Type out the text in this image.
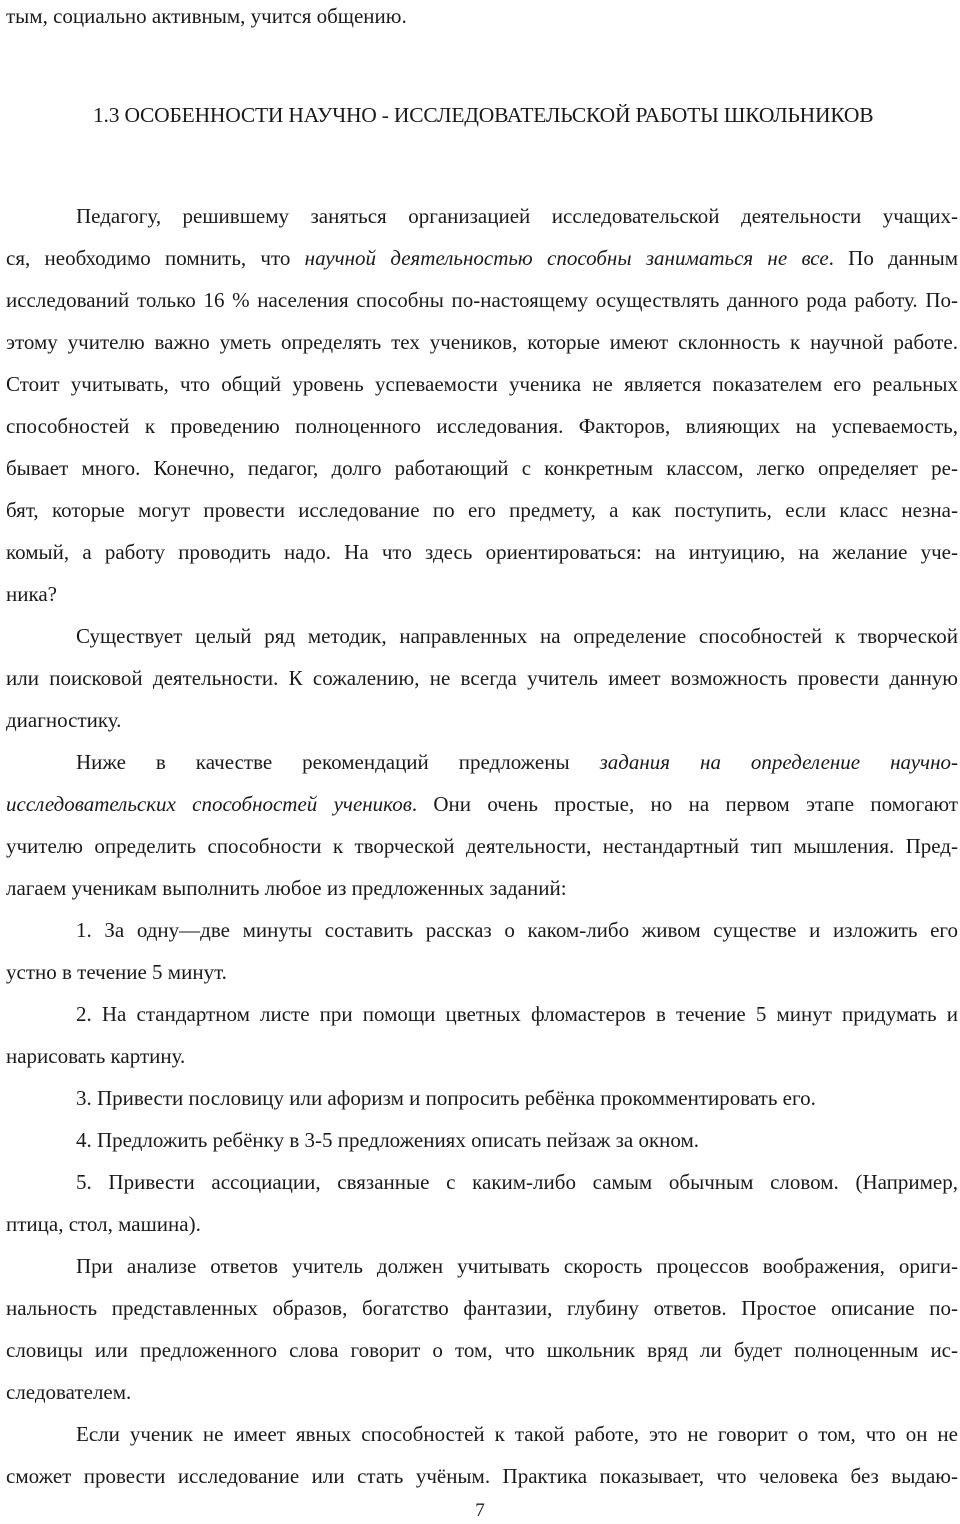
тым, социально активным, учится общению.
1.3 ОСОБЕННОСТИ НАУЧНО - ИССЛЕДОВАТЕЛЬСКОЙ РАБОТЫ ШКОЛЬНИКОВ
Педагогу, решившему заняться организацией исследовательской деятельности учащих-
ся, необходимо помнить, что научной деятельностью способны заниматься не все. По данным
исследований только 16 % населения способны по-настоящему осуществлять данного рода работу. По-
этому учителю важно уметь определять тех учеников, которые имеют склонность к научной работе.
Стоит учитывать, что общий уровень успеваемости ученика не является показателем его реальных
способностей к проведению полноценного исследования. Факторов, влияющих на успеваемость,
бывает много. Конечно, педагог, долго работающий с конкретным классом, легко определяет ре-
бят, которые могут провести исследование по его предмету, а как поступить, если класс незна-
комый, а работу проводить надо. На что здесь ориентироваться: на интуицию, на желание уче-
ника?
Существует целый ряд методик, направленных на определение способностей к творческой
или поисковой деятельности. К сожалению, не всегда учитель имеет возможность провести данную
диагностику.
Ниже в качестве рекомендаций предложены задания на определение научно-
исследовательских способностей учеников. Они очень простые, но на первом этапе помогают
учителю определить способности к творческой деятельности, нестандартный тип мышления. Пред-
лагаем ученикам выполнить любое из предложенных заданий:
1. За одну—две минуты составить рассказ о каком-либо живом существе и изложить его
устно в течение 5 минут.
2. На стандартном листе при помощи цветных фломастеров в течение 5 минут придумать и
нарисовать картину.
3. Привести пословицу или афоризм и попросить ребёнка прокомментировать его.
4. Предложить ребёнку в 3-5 предложениях описать пейзаж за окном.
5. Привести ассоциации, связанные с каким-либо самым обычным словом. (Например,
птица, стол, машина).
При анализе ответов учитель должен учитывать скорость процессов воображения, ориги-
нальность представленных образов, богатство фантазии, глубину ответов. Простое описание по-
словицы или предложенного слова говорит о том, что школьник вряд ли будет полноценным ис-
следователем.
Если ученик не имеет явных способностей к такой работе, это не говорит о том, что он не
сможет провести исследование или стать учёным. Практика показывает, что человека без выдаю-
7
